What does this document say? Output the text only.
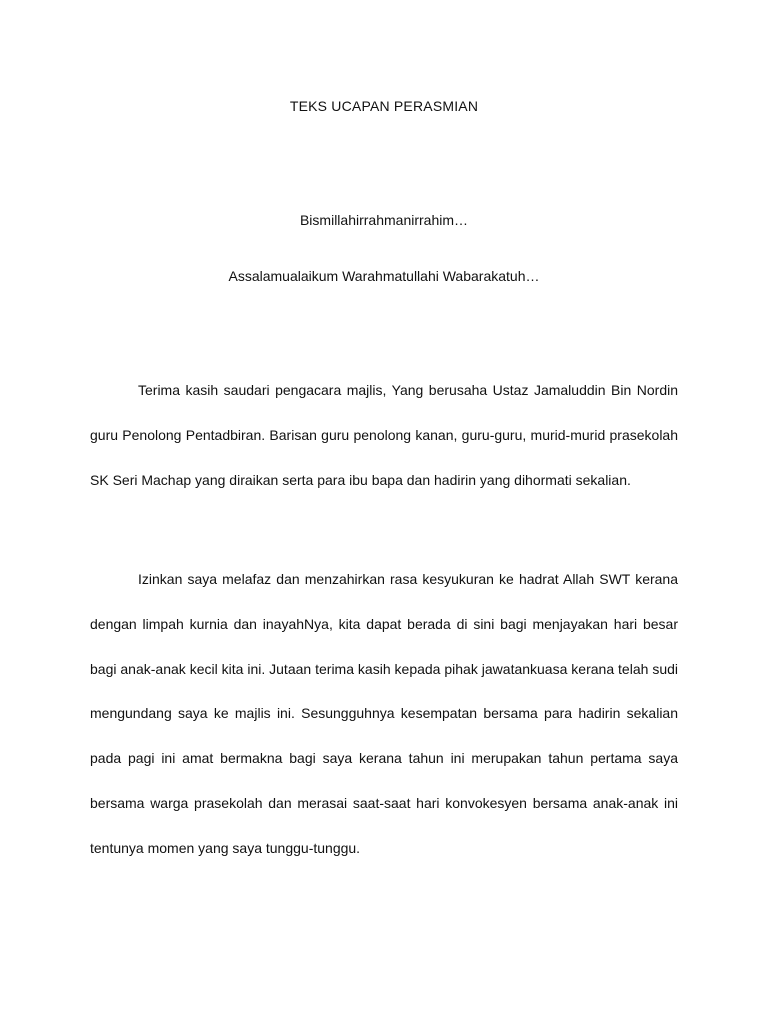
TEKS UCAPAN PERASMIAN
Bismillahirrahmanirrahim…
Assalamualaikum Warahmatullahi Wabarakatuh…

Terima kasih saudari pengacara majlis, Yang berusaha Ustaz Jamaluddin Bin Nordin guru Penolong Pentadbiran. Barisan guru penolong kanan, guru-guru, murid-murid prasekolah SK Seri Machap yang diraikan serta para ibu bapa dan hadirin yang dihormati sekalian.

Izinkan saya melafaz dan menzahirkan rasa kesyukuran ke hadrat Allah SWT kerana dengan limpah kurnia dan inayahNya, kita dapat berada di sini bagi menjayakan hari besar bagi anak-anak kecil kita ini. Jutaan terima kasih kepada pihak jawatankuasa kerana telah sudi mengundang saya ke majlis ini. Sesungguhnya kesempatan bersama para hadirin sekalian pada pagi ini amat bermakna bagi saya kerana tahun ini merupakan tahun pertama saya bersama warga prasekolah dan merasai saat-saat hari konvokesyen bersama anak-anak ini tentunya momen yang saya tunggu-tunggu.
